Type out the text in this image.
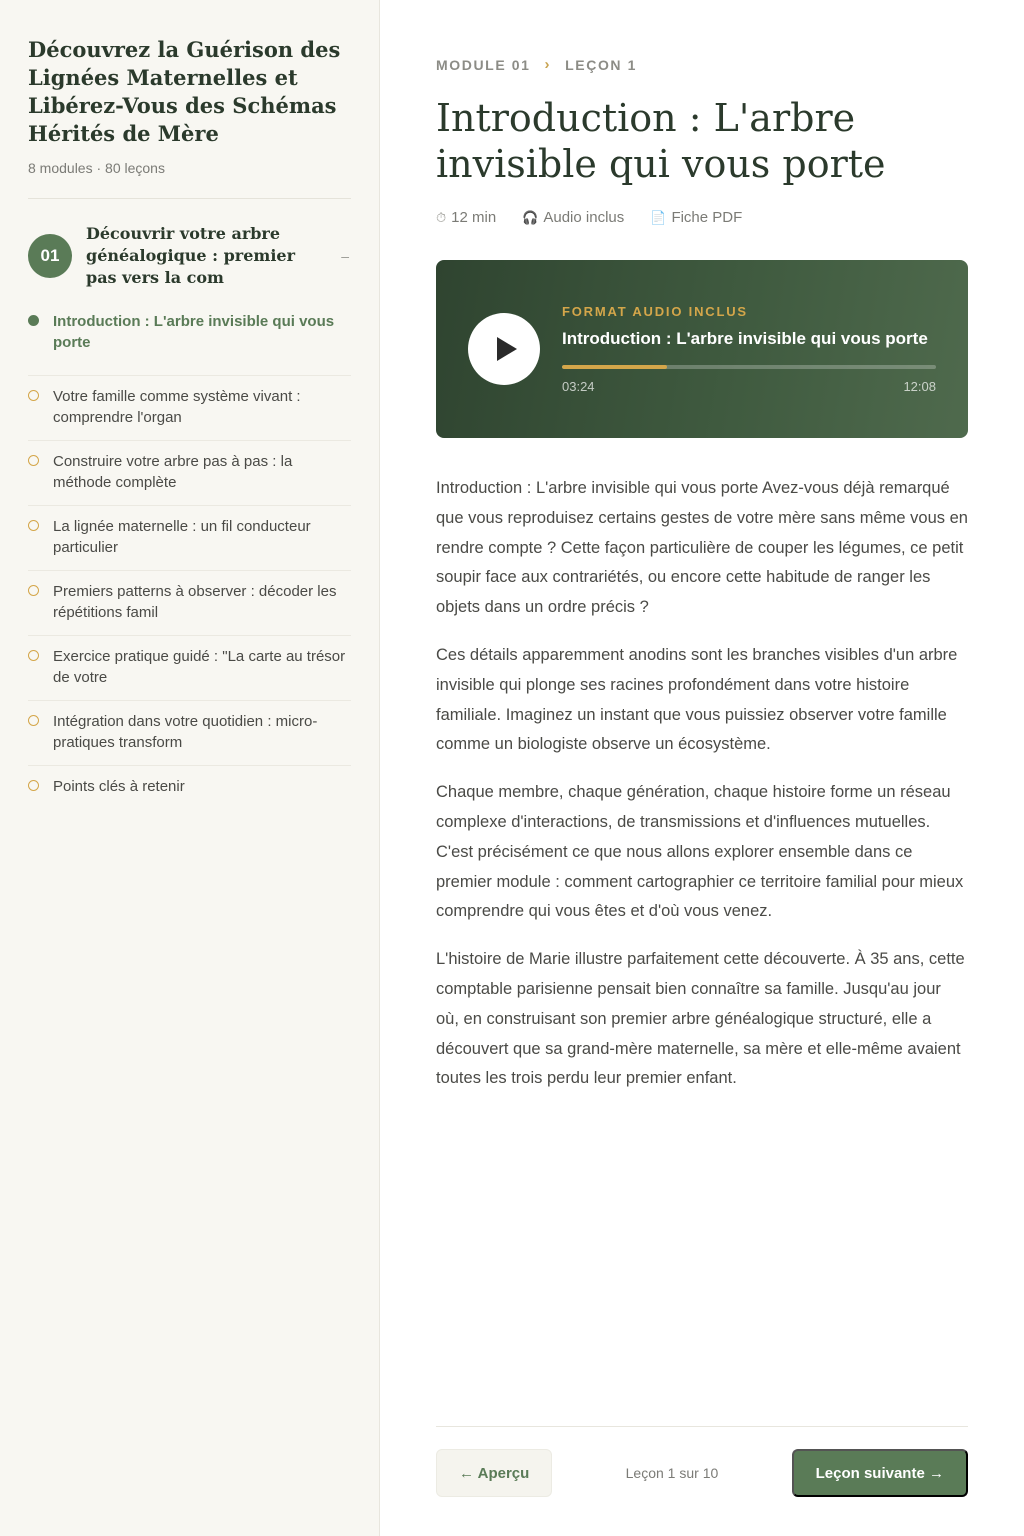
Découvrez la Guérison des Lignées Maternelles et Libérez-Vous des Schémas Hérités de Mère
8 modules · 80 leçons
01
Découvrir votre arbre généalogique : premier pas vers la com
–
Introduction : L'arbre invisible qui vous porte
Votre famille comme système vivant : comprendre l'organ
Construire votre arbre pas à pas : la méthode complète
La lignée maternelle : un fil conducteur particulier
Premiers patterns à observer : décoder les répétitions famil
Exercice pratique guidé : "La carte au trésor de votre
Intégration dans votre quotidien : micro-pratiques transform
Points clés à retenir
MODULE 01 › LEÇON 1
Introduction : L'arbre invisible qui vous porte
⏱ 12 min 🎧 Audio inclus 📄 Fiche PDF
FORMAT AUDIO INCLUS
Introduction : L'arbre invisible qui vous porte
03:24	12:08

Introduction : L'arbre invisible qui vous porte Avez-vous déjà remarqué que vous reproduisez certains gestes de votre mère sans même vous en rendre compte ? Cette façon particulière de couper les légumes, ce petit soupir face aux contrariétés, ou encore cette habitude de ranger les objets dans un ordre précis ?

Ces détails apparemment anodins sont les branches visibles d'un arbre invisible qui plonge ses racines profondément dans votre histoire familiale. Imaginez un instant que vous puissiez observer votre famille comme un biologiste observe un écosystème.

Chaque membre, chaque génération, chaque histoire forme un réseau complexe d'interactions, de transmissions et d'influences mutuelles. C'est précisément ce que nous allons explorer ensemble dans ce premier module : comment cartographier ce territoire familial pour mieux comprendre qui vous êtes et d'où vous venez.

L'histoire de Marie illustre parfaitement cette découverte. À 35 ans, cette comptable parisienne pensait bien connaître sa famille. Jusqu'au jour où, en construisant son premier arbre généalogique structuré, elle a découvert que sa grand-mère maternelle, sa mère et elle-même avaient toutes les trois perdu leur premier enfant.

← Aperçu	Leçon 1 sur 10	Leçon suivante →
